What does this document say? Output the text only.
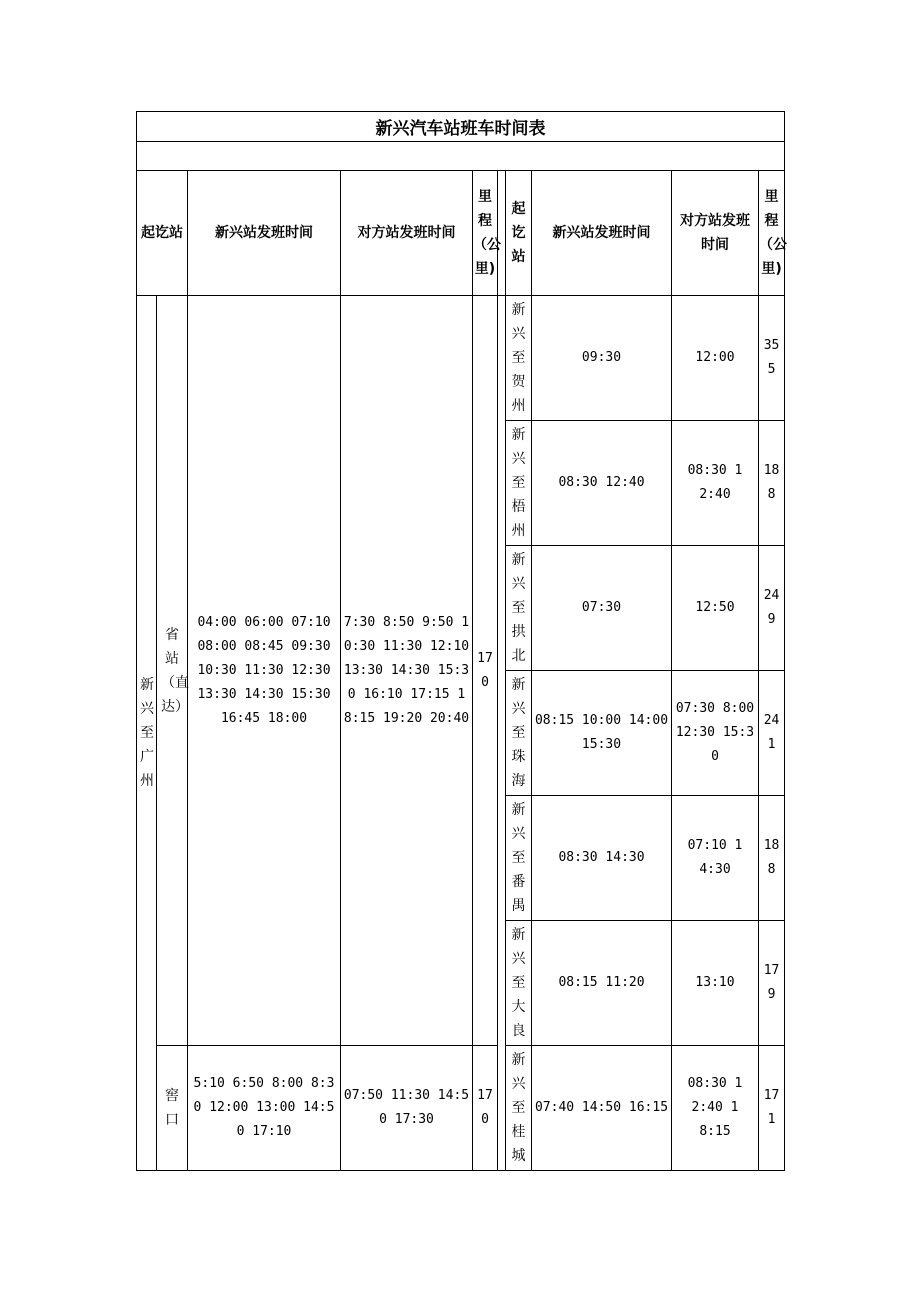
新兴汽车站班车时间表									

起讫站		新兴站发班时间	对方站发班时间	里程（公里)		起讫站	新兴站发班时间	对方站发班时间	里程（公里)
新兴至广州	省站（直达）	04:00 06:00 07:10 08:00 08:45 09:30 10:30 11:30 12:30 13:30 14:30 15:30 16:45 18:00	7:30 8:50 9:50 10:30 11:30 12:10 13:30 14:30 15:30 16:10 17:15 18:15 19:20 20:40	170		新兴至贺州	09:30	12:00	355
						新兴至梧州	08:30 12:40	08:30 12:40	188
						新兴至拱北	07:30	12:50	249
						新兴至珠海	08:15 10:00 14:00 15:30	07:30 8:00 12:30 15:30	241
						新兴至番禺	08:30 14:30	07:10 14:30	188
						新兴至大良	08:15 11:20	13:10	179
	窖口	5:10 6:50 8:00 8:30 12:00 13:00 14:50 17:10	07:50 11:30 14:50 17:30	170		新兴至桂城	07:40 14:50 16:15	08:30 12:40 18:15	171
